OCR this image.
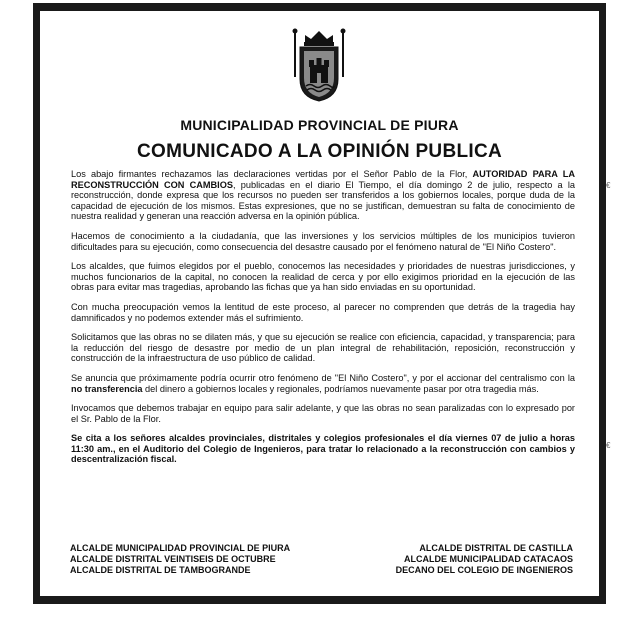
MUNICIPALIDAD PROVINCIAL DE PIURA
COMUNICADO A LA OPINIÓN PUBLICA

Los abajo firmantes rechazamos las declaraciones vertidas por el Señor Pablo de la Flor, AUTORIDAD PARA LA RECONSTRUCCIÓN CON CAMBIOS, publicadas en el diario El Tiempo, el día domingo 2 de julio, respecto a la reconstrucción, donde expresa que los recursos no pueden ser transferidos a los gobiernos locales, porque duda de la capacidad de ejecución de los mismos. Estas expresiones, que no se justifican, demuestran su falta de conocimiento de nuestra realidad y generan una reacción adversa en la opinión pública.

Hacemos de conocimiento a la ciudadanía, que las inversiones y los servicios múltiples de los municipios tuvieron dificultades para su ejecución, como consecuencia del desastre causado por el fenómeno natural de "El Niño Costero".

Los alcaldes, que fuimos elegidos por el pueblo, conocemos las necesidades y prioridades de nuestras jurisdicciones, y muchos funcionarios de la capital, no conocen la realidad de cerca y por ello exigimos prioridad en la ejecución de las obras para evitar mas tragedias, aprobando las fichas que ya han sido enviadas en su oportunidad.

Con mucha preocupación vemos la lentitud de este proceso, al parecer no comprenden que detrás de la tragedia hay damnificados y no podemos extender más el sufrimiento.

Solicitamos que las obras no se dilaten más, y que su ejecución se realice con eficiencia, capacidad, y transparencia; para la reducción del riesgo de desastre por medio de un plan integral de rehabilitación, reposición, reconstrucción y construcción de la infraestructura de uso público de calidad.

Se anuncia que próximamente podría ocurrir otro fenómeno de "El Niño Costero", y por el accionar del centralismo con la no transferencia del dinero a gobiernos locales y regionales, podríamos nuevamente pasar por otra tragedia más.

Invocamos que debemos trabajar en equipo para salir adelante, y que las obras no sean paralizadas con lo expresado por el Sr. Pablo de la Flor.

Se cita a los señores alcaldes provinciales, distritales y colegios profesionales el día viernes 07 de julio a horas 11:30 am., en el Auditorio del Colegio de Ingenieros, para tratar lo relacionado a la reconstrucción con cambios y descentralización fiscal.

ALCALDE MUNICIPALIDAD PROVINCIAL DE PIURA
ALCALDE DISTRITAL VEINTISEIS DE OCTUBRE
ALCALDE DISTRITAL DE TAMBOGRANDE
ALCALDE DISTRITAL DE CASTILLA
ALCALDE MUNICIPALIDAD CATACAOS
DECANO DEL COLEGIO DE INGENIEROS
€
€
